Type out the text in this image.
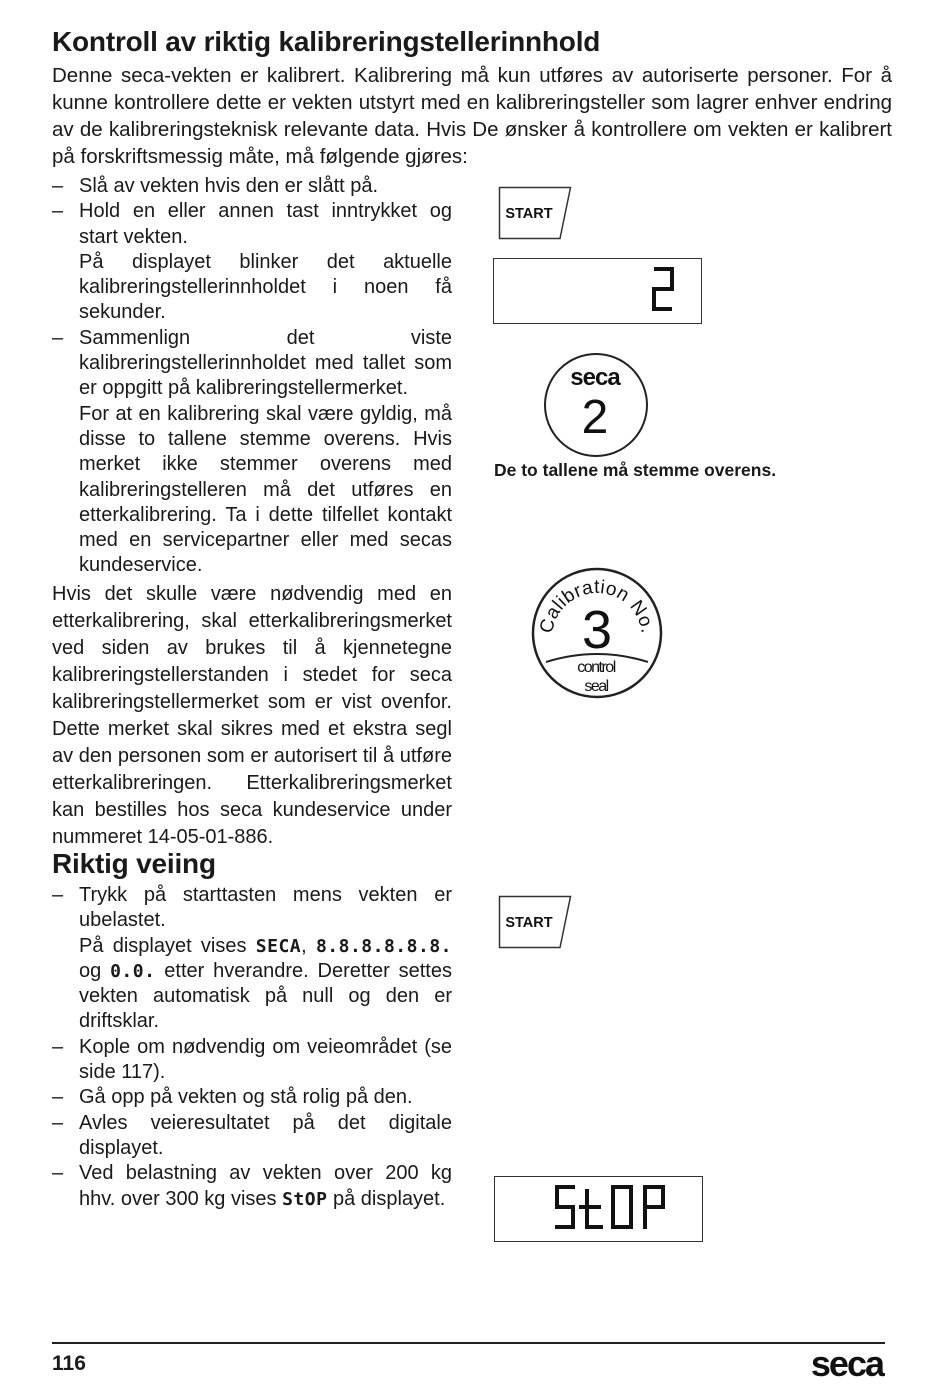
Kontroll av riktig kalibreringstellerinnhold

Denne seca-vekten er kalibrert. Kalibrering må kun utføres av autoriserte personer. For å kunne kontrollere dette er vekten utstyrt med en kalibreringsteller som lagrer enhver endring av de kalibreringsteknisk relevante data. Hvis De ønsker å kontrollere om vekten er kalibrert på forskriftsmessig måte, må følgende gjøres:

– Slå av vekten hvis den er slått på.
– Hold en eller annen tast inntrykket og start vekten.
På displayet blinker det aktuelle kalibreringstellerinnholdet i noen få sekunder.
– Sammenlign det viste kalibreringstellerinnholdet med tallet som er oppgitt på kalibreringstellermerket.
For at en kalibrering skal være gyldig, må disse to tallene stemme overens. Hvis merket ikke stemmer overens med kalibreringstelleren må det utføres en etterkalibrering. Ta i dette tilfellet kontakt med en servicepartner eller med secas kundeservice.

Hvis det skulle være nødvendig med en etterkalibrering, skal etterkalibreringsmerket ved siden av brukes til å kjennetegne kalibreringstellerstanden i stedet for seca kalibreringstellermerket som er vist ovenfor. Dette merket skal sikres med et ekstra segl av den personen som er autorisert til å utføre etterkalibreringen. Etterkalibreringsmerket kan bestilles hos seca kundeservice under nummeret 14-05-01-886.

START
seca
2
De to tallene må stemme overens.
Calibration No.
3
control
seal
Riktig veiing
– Trykk på starttasten mens vekten er ubelastet.
På displayet vises SECA, 8.8.8.8.8.8. og 0.0. etter hverandre. Deretter settes vekten automatisk på null og den er driftsklar.
– Kople om nødvendig om veieområdet (se side 117).
– Gå opp på vekten og stå rolig på den.
– Avles veieresultatet på det digitale displayet.
– Ved belastning av vekten over 200 kg hhv. over 300 kg vises StOP på displayet.
START
116	seca
